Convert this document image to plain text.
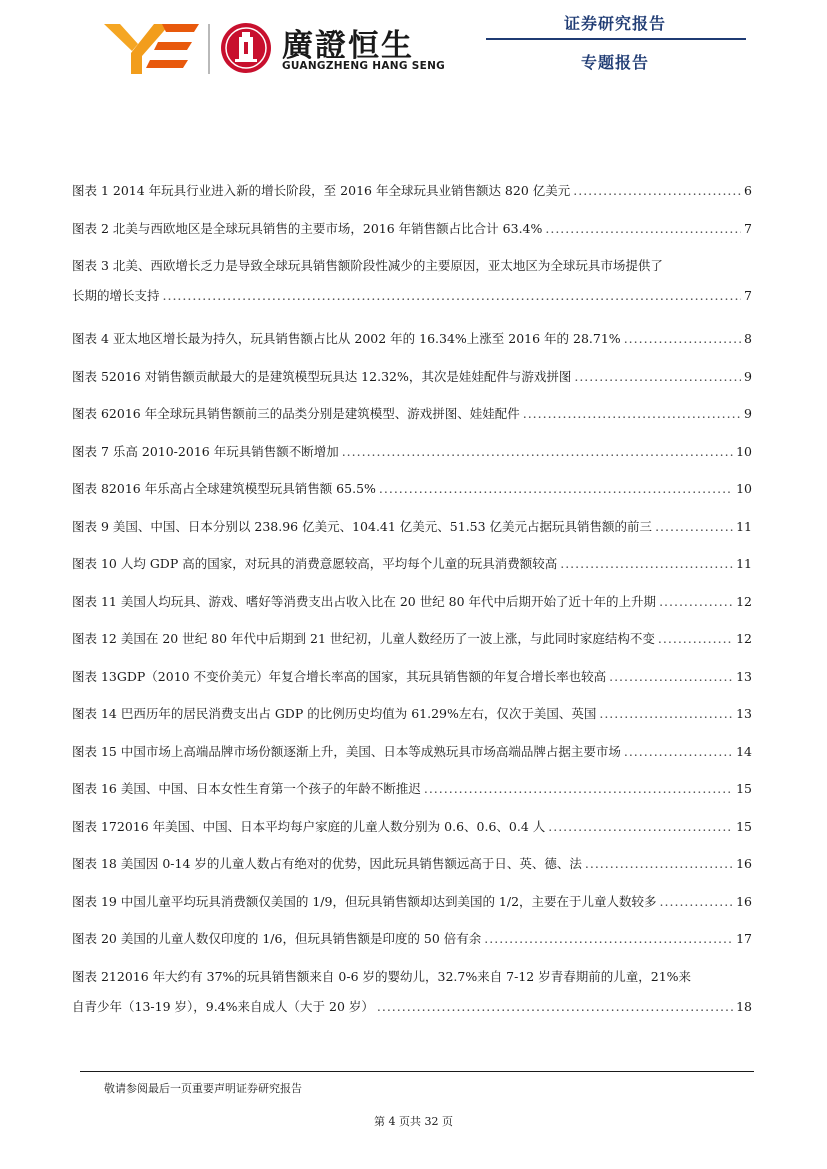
廣證恒生
GUANGZHENG HANG SENG
证券研究报告
专题报告
图表 1 2014 年玩具行业进入新的增长阶段，至 2016 年全球玩具业销售额达 820 亿美元 .....	6
图表 2 北美与西欧地区是全球玩具销售的主要市场，2016 年销售额占比合计 63.4% .....	7
图表 3 北美、西欧增长乏力是导致全球玩具销售额阶段性减少的主要原因，亚太地区为全球玩具市场提供了
长期的增长支持 .....	7
图表 4 亚太地区增长最为持久，玩具销售额占比从 2002 年的 16.34%上涨至 2016 年的 28.71% .....	8
图表 52016 对销售额贡献最大的是建筑模型玩具达 12.32%，其次是娃娃配件与游戏拼图 .....	9
图表 62016 年全球玩具销售额前三的品类分别是建筑模型、游戏拼图、娃娃配件 .....	9
图表 7 乐高 2010-2016 年玩具销售额不断增加 .....	10
图表 82016 年乐高占全球建筑模型玩具销售额 65.5% .....	10
图表 9 美国、中国、日本分别以 238.96 亿美元、104.41 亿美元、51.53 亿美元占据玩具销售额的前三 .....	11
图表 10 人均 GDP 高的国家，对玩具的消费意愿较高，平均每个儿童的玩具消费额较高 .....	11
图表 11 美国人均玩具、游戏、嗜好等消费支出占收入比在 20 世纪 80 年代中后期开始了近十年的上升期 .....	12
图表 12 美国在 20 世纪 80 年代中后期到 21 世纪初，儿童人数经历了一波上涨，与此同时家庭结构不变 .....	12
图表 13GDP（2010 不变价美元）年复合增长率高的国家，其玩具销售额的年复合增长率也较高 .....	13
图表 14 巴西历年的居民消费支出占 GDP 的比例历史均值为 61.29%左右，仅次于美国、英国 .....	13
图表 15 中国市场上高端品牌市场份额逐渐上升，美国、日本等成熟玩具市场高端品牌占据主要市场 .....	14
图表 16 美国、中国、日本女性生育第一个孩子的年龄不断推迟 .....	15
图表 172016 年美国、中国、日本平均每户家庭的儿童人数分别为 0.6、0.6、0.4 人 .....	15
图表 18 美国因 0-14 岁的儿童人数占有绝对的优势，因此玩具销售额远高于日、英、德、法 .....	16
图表 19 中国儿童平均玩具消费额仅美国的 1/9，但玩具销售额却达到美国的 1/2，主要在于儿童人数较多 .....	16
图表 20 美国的儿童人数仅印度的 1/6，但玩具销售额是印度的 50 倍有余 .....	17
图表 212016 年大约有 37%的玩具销售额来自 0-6 岁的婴幼儿，32.7%来自 7-12 岁青春期前的儿童，21%来
自青少年（13-19 岁），9.4%来自成人（大于 20 岁） .....	18
敬请参阅最后一页重要声明证券研究报告
第 4 页共 32 页
